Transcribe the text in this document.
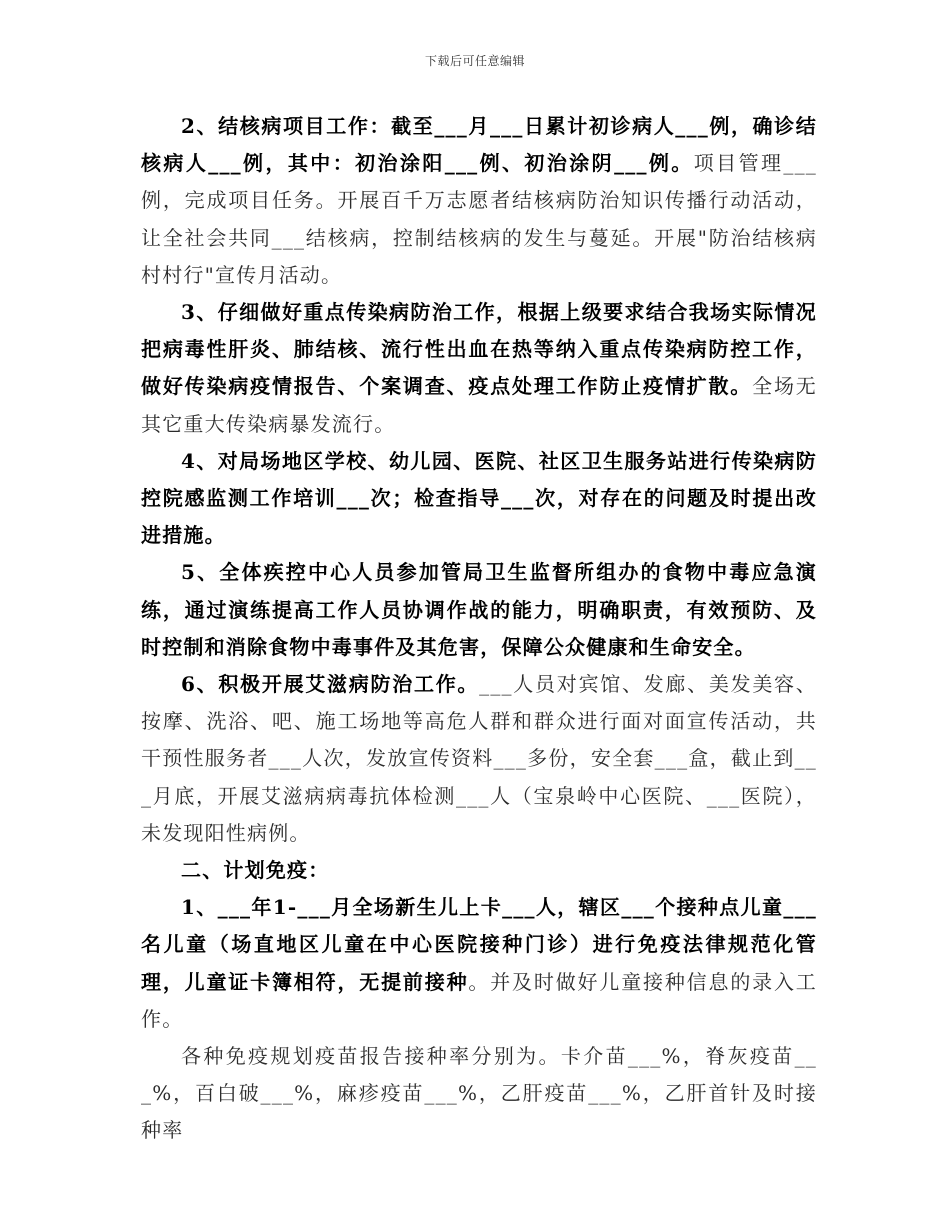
下载后可任意编辑

2、结核病项目工作：截至___月___日累计初诊病人___例，确诊结核病人___例，其中：初治涂阳___例、初治涂阴___例。项目管理___例，完成项目任务。开展百千万志愿者结核病防治知识传播行动活动，让全社会共同___结核病，控制结核病的发生与蔓延。开展"防治结核病村村行"宣传月活动。

3、仔细做好重点传染病防治工作，根据上级要求结合我场实际情况把病毒性肝炎、肺结核、流行性出血在热等纳入重点传染病防控工作，做好传染病疫情报告、个案调查、疫点处理工作防止疫情扩散。全场无其它重大传染病暴发流行。

4、对局场地区学校、幼儿园、医院、社区卫生服务站进行传染病防控院感监测工作培训___次；检查指导___次，对存在的问题及时提出改进措施。

5、全体疾控中心人员参加管局卫生监督所组办的食物中毒应急演练，通过演练提高工作人员协调作战的能力，明确职责，有效预防、及时控制和消除食物中毒事件及其危害，保障公众健康和生命安全。

6、积极开展艾滋病防治工作。___人员对宾馆、发廊、美发美容、按摩、洗浴、吧、施工场地等高危人群和群众进行面对面宣传活动，共干预性服务者___人次，发放宣传资料___多份，安全套___盒，截止到___月底，开展艾滋病病毒抗体检测___人（宝泉岭中心医院、___医院），未发现阳性病例。

二、计划免疫：

1、___年1-___月全场新生儿上卡___人，辖区___个接种点儿童___名儿童（场直地区儿童在中心医院接种门诊）进行免疫法律规范化管理，儿童证卡簿相符，无提前接种。并及时做好儿童接种信息的录入工作。

各种免疫规划疫苗报告接种率分别为。卡介苗___%，脊灰疫苗___%，百白破___%，麻疹疫苗___%，乙肝疫苗___%，乙肝首针及时接种率
